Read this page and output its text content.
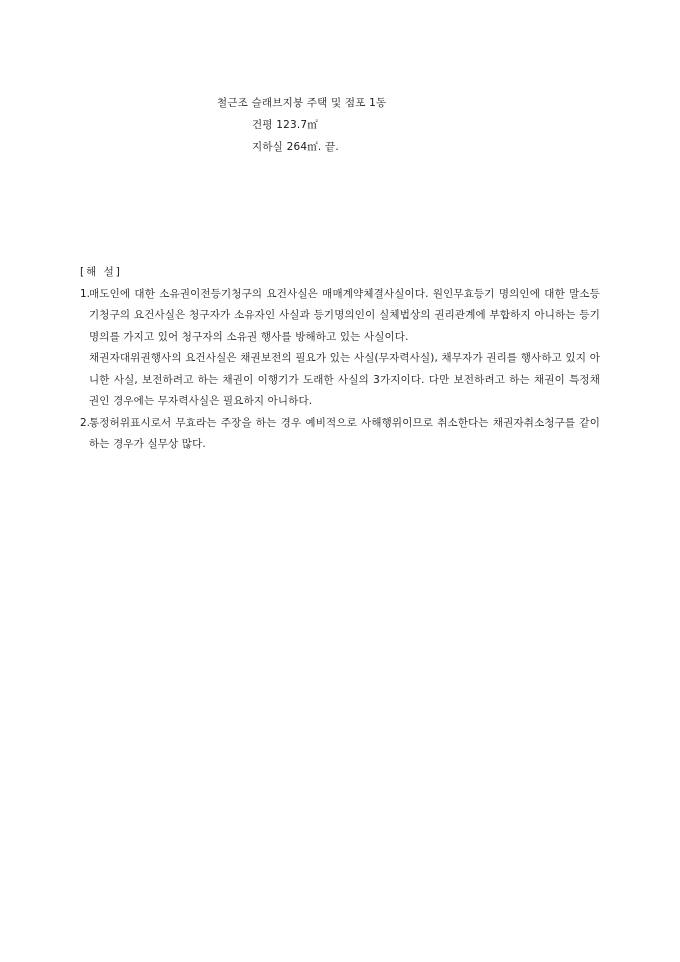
철근조 슬래브지붕 주택 및 점포 1동
건평 123.7㎡
지하실 264㎡. 끝.
[해 설]
1.

매도인에 대한 소유권이전등기청구의 요건사실은 매매계약체결사실이다. 원인무효등기 명의인에 대한 말소등기청구의 요건사실은 청구자가 소유자인 사실과 등기명의인이 실체법상의 권리관계에 부합하지 아니하는 등기명의를 가지고 있어 청구자의 소유권 행사를 방해하고 있는 사실이다.

채권자대위권행사의 요건사실은 채권보전의 필요가 있는 사실(무자력사실), 채무자가 권리를 행사하고 있지 아니한 사실, 보전하려고 하는 채권이 이행기가 도래한 사실의 3가지이다. 다만 보전하려고 하는 채권이 특정채권인 경우에는 무자력사실은 필요하지 아니하다.

2.

통정허위표시로서 무효라는 주장을 하는 경우 예비적으로 사해행위이므로 취소한다는 채권자취소청구를 같이 하는 경우가 실무상 많다.
